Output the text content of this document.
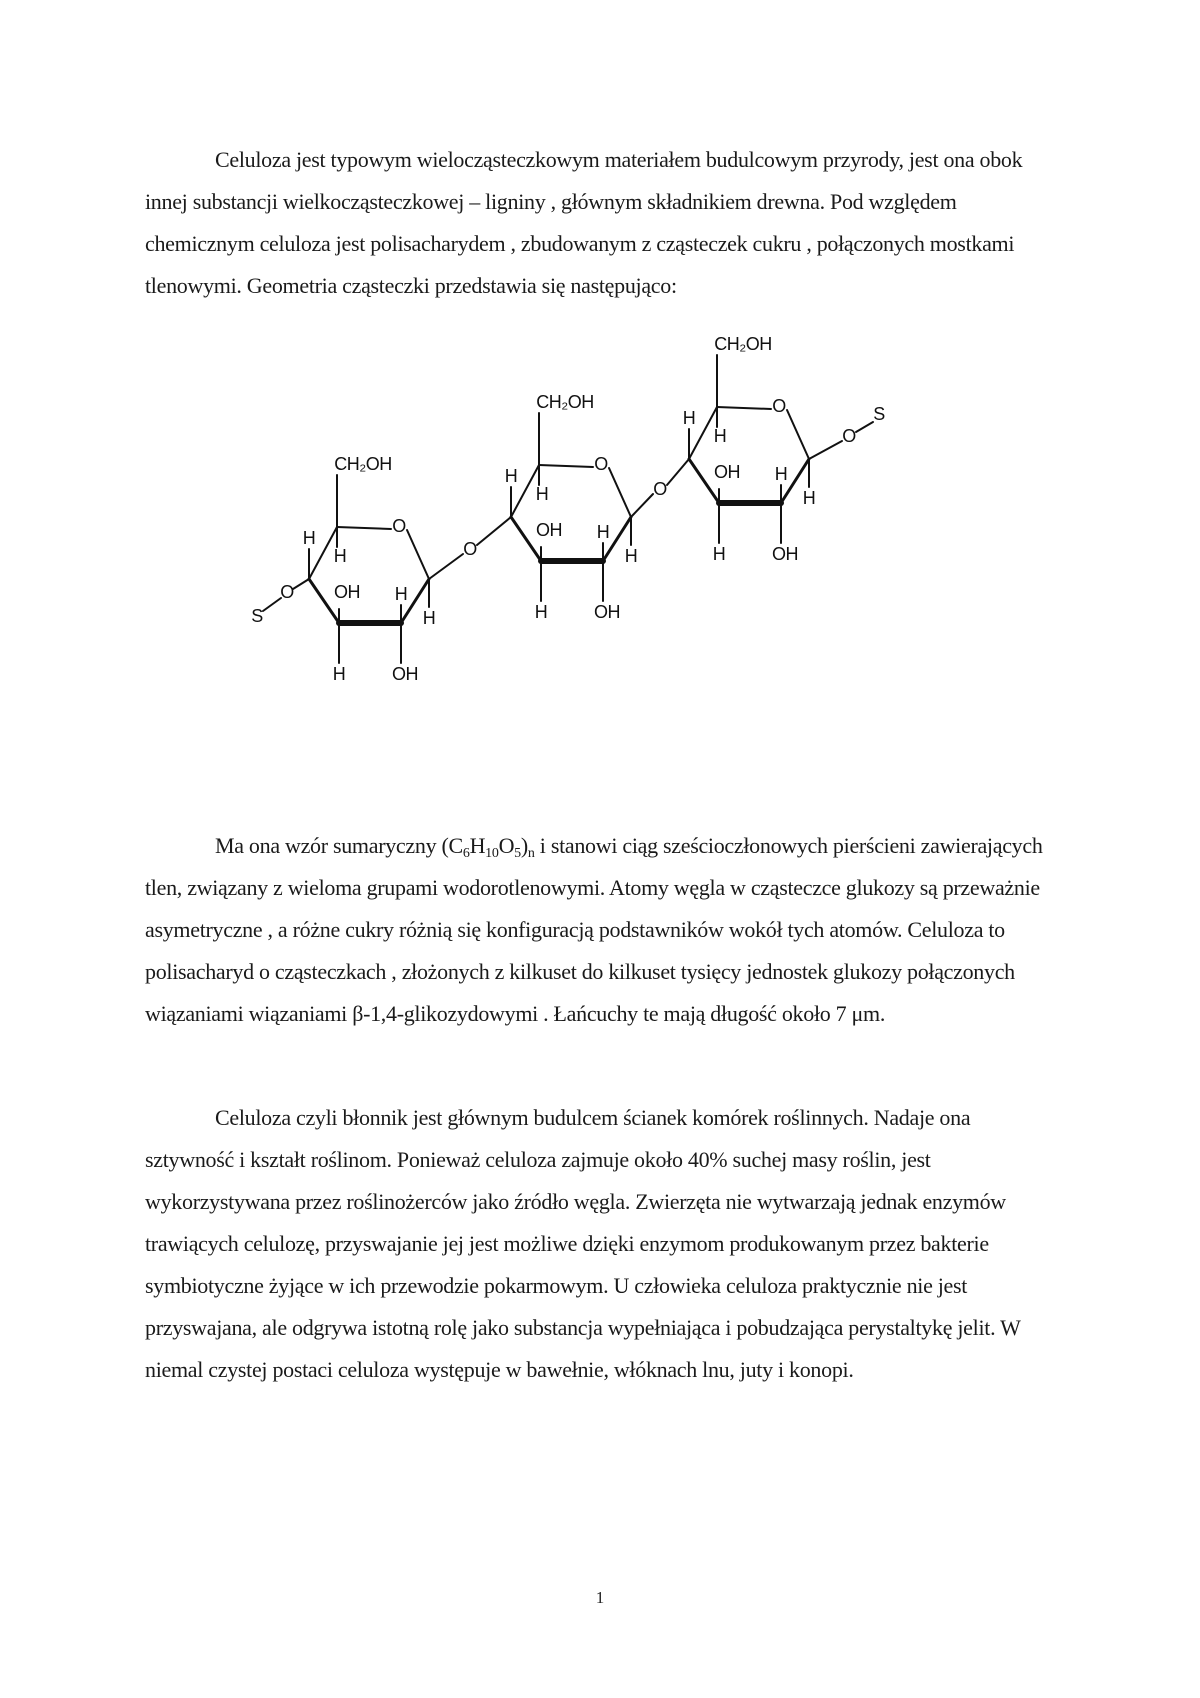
Celuloza jest typowym wielocząsteczkowym materiałem budulcowym przyrody, jest ona obok innej substancji wielkocząsteczkowej – ligniny , głównym składnikiem drewna. Pod względem chemicznym celuloza jest polisacharydem , zbudowanym z cząsteczek cukru , połączonych mostkami tlenowymi. Geometria cząsteczki przedstawia się następująco:

O
CH₂OH
H
H
OH
H
H
OH
H
O
CH₂OH
H
H
OH
H
H
OH
H
O
CH₂OH
H
H
OH
H
H
OH
H
O
S
O
O
O
S

Ma ona wzór sumaryczny $(C_6H_{10}O_5)_n$ i stanowi ciąg sześcioczłonowych pierścieni zawierających tlen, związany z wieloma grupami wodorotlenowymi. Atomy węgla w cząsteczce glukozy są przeważnie asymetryczne , a różne cukry różnią się konfiguracją podstawników wokół tych atomów. Celuloza to polisacharyd o cząsteczkach , złożonych z kilkuset do kilkuset tysięcy jednostek glukozy połączonych wiązaniami wiązaniami β-1,4-glikozydowymi . Łańcuchy te mają długość około 7 μm.

Celuloza czyli błonnik jest głównym budulcem ścianek komórek roślinnych. Nadaje ona sztywność i kształt roślinom. Ponieważ celuloza zajmuje około 40% suchej masy roślin, jest wykorzystywana przez roślinożerców jako źródło węgla. Zwierzęta nie wytwarzają jednak enzymów trawiących celulozę, przyswajanie jej jest możliwe dzięki enzymom produkowanym przez bakterie symbiotyczne żyjące w ich przewodzie pokarmowym. U człowieka celuloza praktycznie nie jest przyswajana, ale odgrywa istotną rolę jako substancja wypełniająca i pobudzająca perystaltykę jelit. W niemal czystej postaci celuloza występuje w bawełnie, włóknach lnu, juty i konopi.

1
